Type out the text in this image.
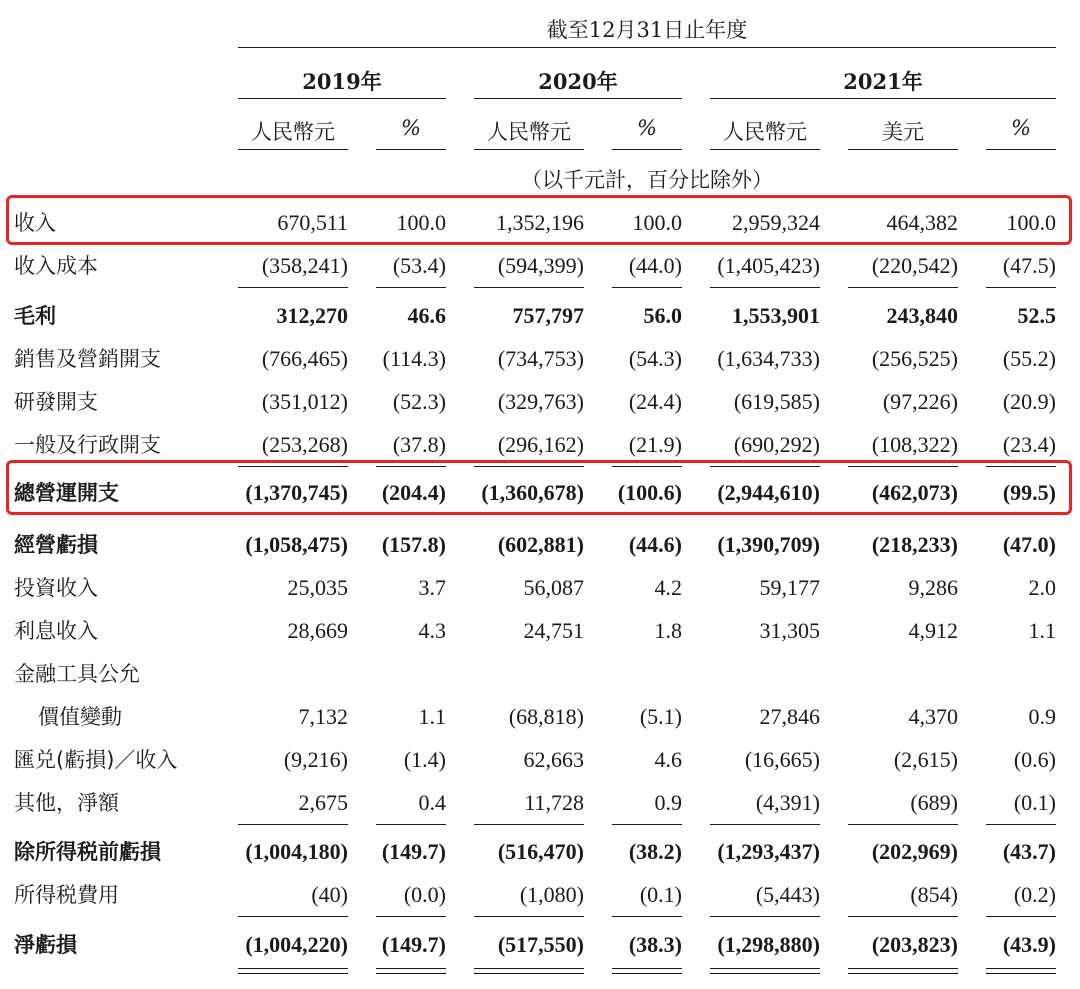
截至12月31日止年度
2019年	2020年	2021年
人民幣元	%	人民幣元	%	人民幣元	美元	%
（以千元計，百分比除外）
收入	670,511	100.0	1,352,196	100.0	2,959,324	464,382	100.0
收入成本	(358,241)	(53.4)	(594,399)	(44.0)	(1,405,423)	(220,542)	(47.5)
毛利	312,270	46.6	757,797	56.0	1,553,901	243,840	52.5
銷售及營銷開支	(766,465)	(114.3)	(734,753)	(54.3)	(1,634,733)	(256,525)	(55.2)
研發開支	(351,012)	(52.3)	(329,763)	(24.4)	(619,585)	(97,226)	(20.9)
一般及行政開支	(253,268)	(37.8)	(296,162)	(21.9)	(690,292)	(108,322)	(23.4)
總營運開支	(1,370,745)	(204.4)	(1,360,678)	(100.6)	(2,944,610)	(462,073)	(99.5)
經營虧損	(1,058,475)	(157.8)	(602,881)	(44.6)	(1,390,709)	(218,233)	(47.0)
投資收入	25,035	3.7	56,087	4.2	59,177	9,286	2.0
利息收入	28,669	4.3	24,751	1.8	31,305	4,912	1.1
金融工具公允
價值變動	7,132	1.1	(68,818)	(5.1)	27,846	4,370	0.9
匯兑(虧損)／收入	(9,216)	(1.4)	62,663	4.6	(16,665)	(2,615)	(0.6)
其他，淨額	2,675	0.4	11,728	0.9	(4,391)	(689)	(0.1)
除所得税前虧損	(1,004,180)	(149.7)	(516,470)	(38.2)	(1,293,437)	(202,969)	(43.7)
所得税費用	(40)	(0.0)	(1,080)	(0.1)	(5,443)	(854)	(0.2)
淨虧損	(1,004,220)	(149.7)	(517,550)	(38.3)	(1,298,880)	(203,823)	(43.9)
